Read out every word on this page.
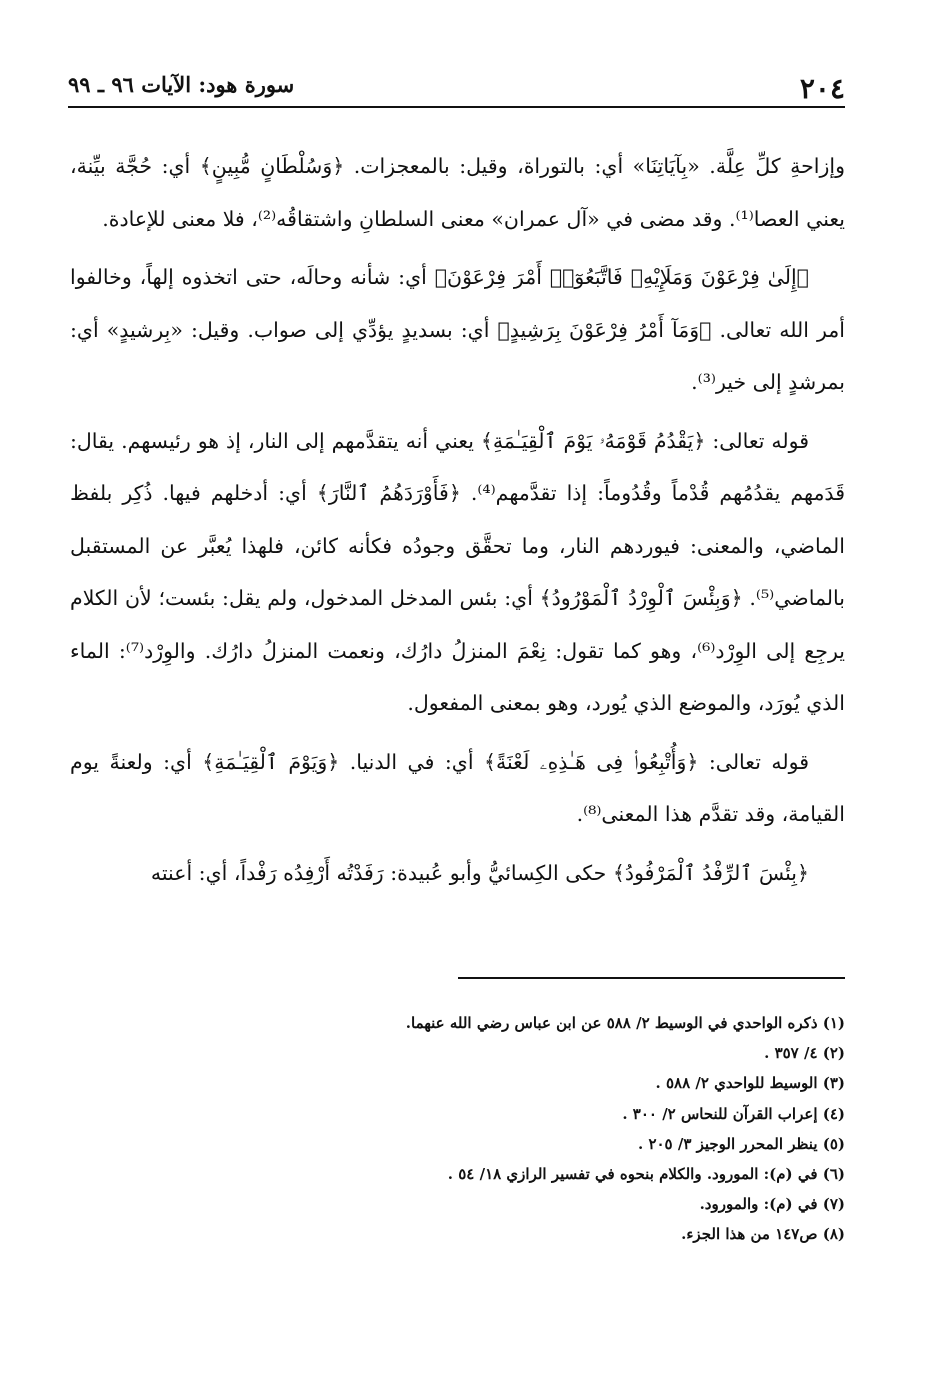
٢٠٤
سورة هود: الآيات ٩٦ ـ ٩٩

وإزاحةِ كلِّ عِلَّة. «بِآيَاتِنَا» أي: بالتوراة، وقيل: بالمعجزات. ﴿وَسُلْطَانٍ مُّبِينٍ﴾ أي: حُجَّة بيِّنة، يعني العصا⁽¹⁾. وقد مضى في «آل عمران» معنى السلطانِ واشتقاقُه⁽²⁾، فلا معنى للإعادة.

﴿إِلَىٰ فِرْعَوْنَ وَمَلَإِيْهِۦ فَاتَّبَعُوٓا۟ أَمْرَ فِرْعَوْنَ﴾ أي: شأنه وحالَه، حتى اتخذوه إلهاً، وخالفوا أمر الله تعالى. ﴿وَمَآ أَمْرُ فِرْعَوْنَ بِرَشِيدٍ﴾ أي: بسديدٍ يؤدِّي إلى صواب. وقيل: «بِرشيدٍ» أي: بمرشدٍ إلى خير⁽³⁾.

قوله تعالى: ﴿يَقْدُمُ قَوْمَهُۥ يَوْمَ ٱلْقِيَـٰمَةِ﴾ يعني أنه يتقدَّمهم إلى النار، إذ هو رئيسهم. يقال: قَدَمهم يقدُمُهم قُدْماً وقُدُوماً: إذا تقدَّمهم⁽⁴⁾. ﴿فَأَوْرَدَهُمُ ٱلنَّارَ﴾ أي: أدخلهم فيها. ذُكِر بلفظ الماضي، والمعنى: فيوردهم النار، وما تحقَّق وجودُه فكأنه كائن، فلهذا يُعبَّر عن المستقبل بالماضي⁽⁵⁾. ﴿وَبِئْسَ ٱلْوِرْدُ ٱلْمَوْرُودُ﴾ أي: بئس المدخل المدخول، ولم يقل: بئست؛ لأن الكلام يرجِع إلى الوِرْد⁽⁶⁾، وهو كما تقول: نِعْمَ المنزلُ دارُك، ونعمت المنزلُ دارُك. والوِرْد⁽⁷⁾: الماء الذي يُورَد، والموضع الذي يُورد، وهو بمعنى المفعول.

قوله تعالى: ﴿وَأُتْبِعُوا۟ فِى هَـٰذِهِۦ لَعْنَةً﴾ أي: في الدنيا. ﴿وَيَوْمَ ٱلْقِيَـٰمَةِ﴾ أي: ولعنةً يوم القيامة، وقد تقدَّم هذا المعنى⁽⁸⁾.

﴿بِئْسَ ٱلرِّفْدُ ٱلْمَرْفُودُ﴾ حكى الكِسائيُّ وأبو عُبيدة: رَفَدْتُه أَرْفِدُه رَفْداً، أي: أعنته

(١) ذكره الواحدي في الوسيط ٢/ ٥٨٨ عن ابن عباس رضي الله عنهما.
(٢) ٤/ ٣٥٧ .
(٣) الوسيط للواحدي ٢/ ٥٨٨ .
(٤) إعراب القرآن للنحاس ٢/ ٣٠٠ .
(٥) ينظر المحرر الوجيز ٣/ ٢٠٥ .
(٦) في (م): المورود. والكلام بنحوه في تفسير الرازي ١٨/ ٥٤ .
(٧) في (م): والمورود.
(٨) ص١٤٧ من هذا الجزء.
